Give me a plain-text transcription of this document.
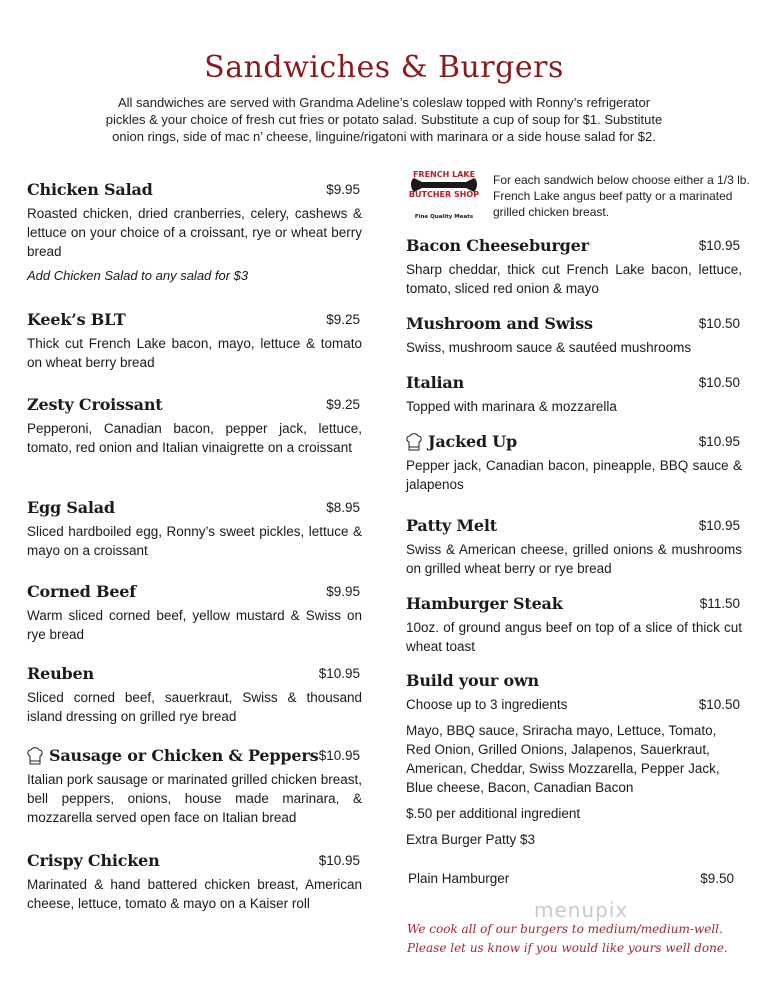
Sandwiches & Burgers
All sandwiches are served with Grandma Adeline’s coleslaw topped with Ronny’s refrigerator
pickles & your choice of fresh cut fries or potato salad. Substitute a cup of soup for $1. Substitute
onion rings, side of mac n’ cheese, linguine/rigatoni with marinara or a side house salad for $2.
Chicken Salad	$9.95
Roasted chicken, dried cranberries, celery, cashews & lettuce on your choice of a croissant, rye or wheat berry bread
Add Chicken Salad to any salad for $3
Keek’s BLT	$9.25
Thick cut French Lake bacon, mayo, lettuce & tomato on wheat berry bread
Zesty Croissant	$9.25
Pepperoni, Canadian bacon, pepper jack, lettuce, tomato, red onion and Italian vinaigrette on a croissant
Egg Salad	$8.95
Sliced hardboiled egg, Ronny’s sweet pickles, lettuce & mayo on a croissant
Corned Beef	$9.95
Warm sliced corned beef, yellow mustard & Swiss on rye bread
Reuben	$10.95
Sliced corned beef, sauerkraut, Swiss & thousand island dressing on grilled rye bread
Sausage or Chicken & Peppers $10.95
Italian pork sausage or marinated grilled chicken breast, bell peppers, onions, house made marinara, & mozzarella served open face on Italian bread
Crispy Chicken	$10.95
Marinated & hand battered chicken breast, American cheese, lettuce, tomato & mayo on a Kaiser roll
FRENCH LAKE
BUTCHER SHOP
Fine Quality Meats
For each sandwich below choose either a 1/3 lb. French Lake angus beef patty or a marinated grilled chicken breast.
Bacon Cheeseburger	$10.95
Sharp cheddar, thick cut French Lake bacon, lettuce, tomato, sliced red onion & mayo
Mushroom and Swiss	$10.50
Swiss, mushroom sauce & sautéed mushrooms
Italian	$10.50
Topped with marinara & mozzarella
Jacked Up	$10.95
Pepper jack, Canadian bacon, pineapple, BBQ sauce & jalapenos
Patty Melt	$10.95
Swiss & American cheese, grilled onions & mushrooms on grilled wheat berry or rye bread
Hamburger Steak	$11.50
10oz. of ground angus beef on top of a slice of thick cut wheat toast
Build your own
Choose up to 3 ingredients	$10.50
Mayo, BBQ sauce, Sriracha mayo, Lettuce, Tomato, Red Onion, Grilled Onions, Jalapenos, Sauerkraut, American, Cheddar, Swiss Mozzarella, Pepper Jack, Blue cheese, Bacon, Canadian Bacon
$.50 per additional ingredient
Extra Burger Patty $3
Plain Hamburger	$9.50
menupix
We cook all of our burgers to medium/medium-well.
Please let us know if you would like yours well done.
